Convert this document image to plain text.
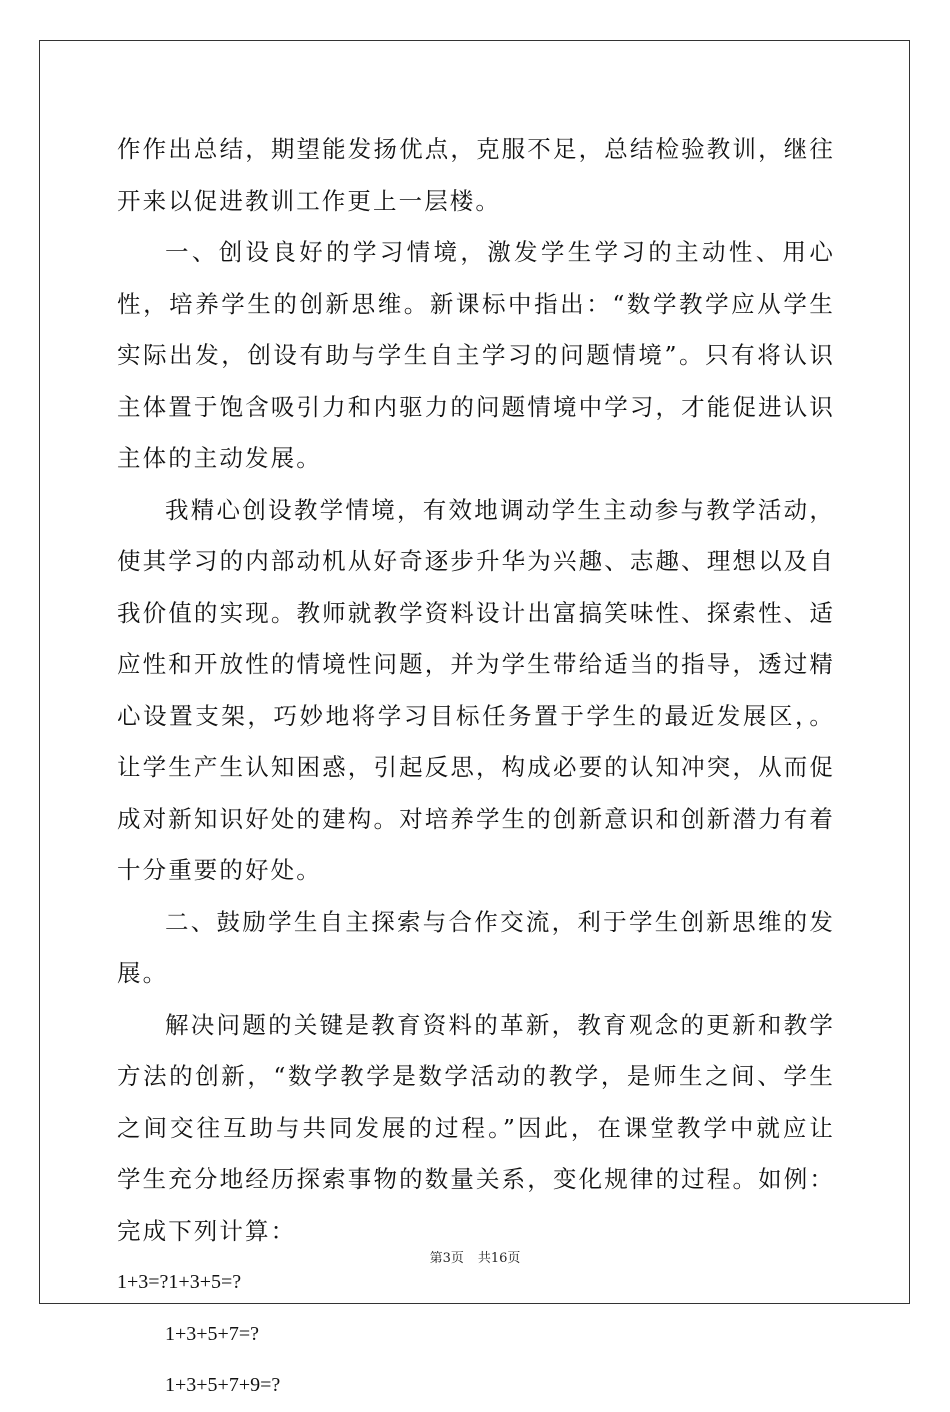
作作出总结，期望能发扬优点，克服不足，总结检验教训，继往开来以促进教训工作更上一层楼。

一、创设良好的学习情境，激发学生学习的主动性、用心性，培养学生的创新思维。新课标中指出：“数学教学应从学生实际出发，创设有助与学生自主学习的问题情境”。只有将认识主体置于饱含吸引力和内驱力的问题情境中学习，才能促进认识主体的主动发展。

我精心创设教学情境，有效地调动学生主动参与教学活动，使其学习的内部动机从好奇逐步升华为兴趣、志趣、理想以及自我价值的实现。教师就教学资料设计出富搞笑味性、探索性、适应性和开放性的情境性问题，并为学生带给适当的指导，透过精心设置支架，巧妙地将学习目标任务置于学生的最近发展区，。让学生产生认知困惑，引起反思，构成必要的认知冲突，从而促成对新知识好处的建构。对培养学生的创新意识和创新潜力有着十分重要的好处。

二、鼓励学生自主探索与合作交流，利于学生创新思维的发展。

解决问题的关键是教育资料的革新，教育观念的更新和教学方法的创新，“数学教学是数学活动的教学，是师生之间、学生之间交往互助与共同发展的过程。”因此，在课堂教学中就应让学生充分地经历探索事物的数量关系，变化规律的过程。如例：完成下列计算：

1+3=?1+3+5=?

1+3+5+7=?

1+3+5+7+9=?

第3页 共16页
